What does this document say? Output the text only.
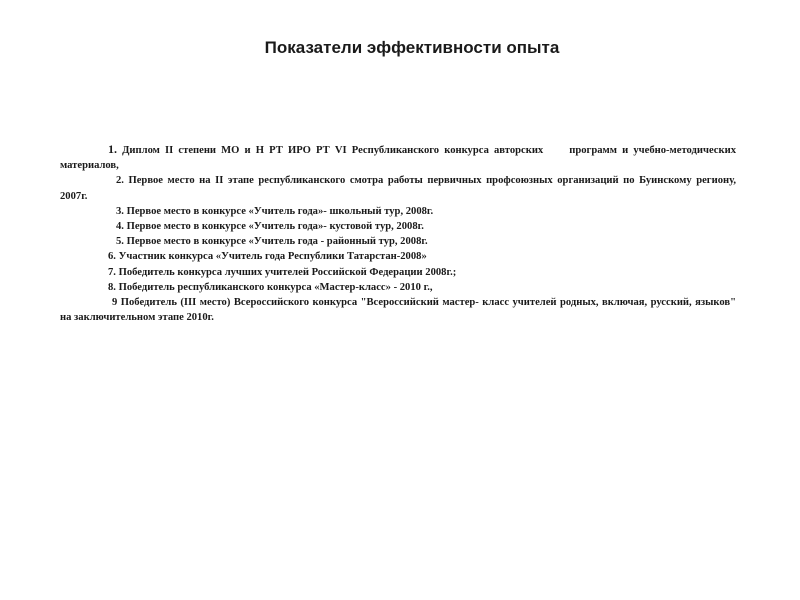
Показатели эффективности опыта

1. Диплом II степени МО и Н РТ ИРО РТ VI Республиканского конкурса авторских программ и учебно-методических материалов,

2. Первое место на II этапе республиканского смотра работы первичных профсоюзных организаций по Буинскому региону, 2007г.

3. Первое место в конкурсе «Учитель года»- школьный тур, 2008г.

4. Первое место в конкурсе «Учитель года»- кустовой тур, 2008г.

5. Первое место в конкурсе «Учитель года - районный тур, 2008г.

6. Участник конкурса «Учитель года Республики Татарстан-2008»

7. Победитель конкурса лучших учителей Российской Федерации 2008г.;

8. Победитель республиканского конкурса «Мастер-класс» - 2010 г.,

9 Победитель (III место) Всероссийского конкурса "Всероссийский мастер- класс учителей родных, включая, русский, языков" на заключительном этапе 2010г.
